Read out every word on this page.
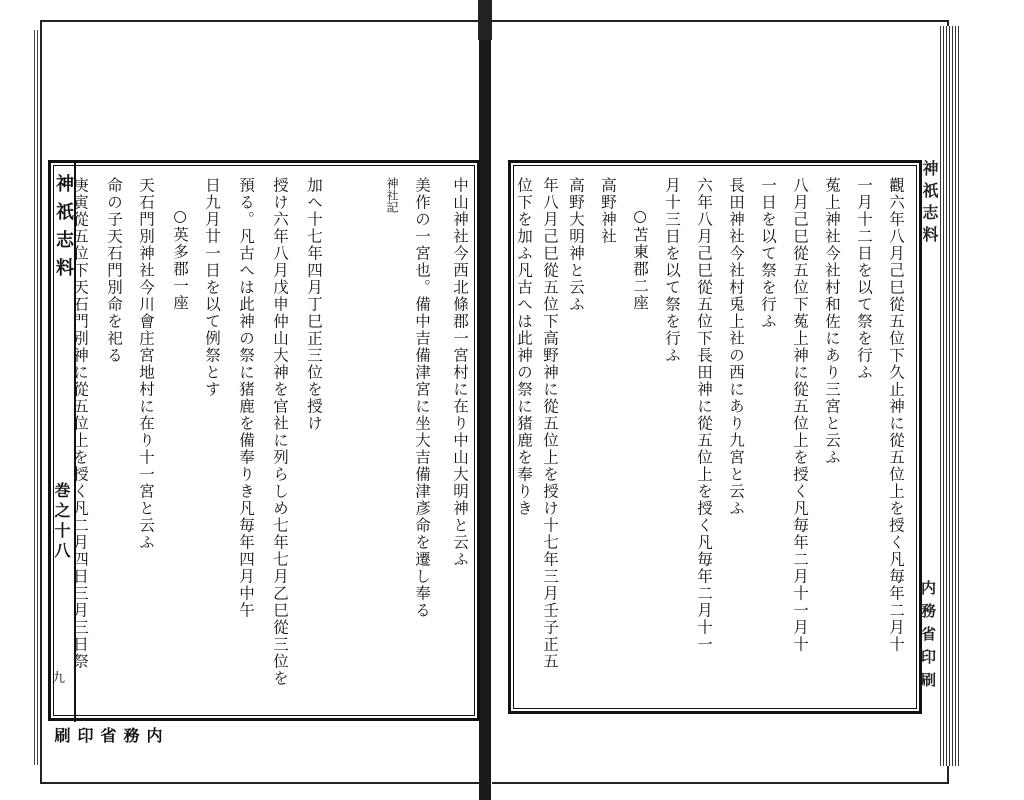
神祇志料
巻之十八
九
内務省印刷
中山神社今西北條郡一宮村に在り中山大明神と云ふ
美作の一宮也。備中吉備津宮に坐大吉備津彥命を遷し奉る
神社記
加へ十七年四月丁巳正三位を授け
授け六年八月戊申仲山大神を官社に列らしめ七年七月乙巳從三位を
預る。凡古へは此神の祭に猪鹿を備奉りき凡毎年四月中午
日九月廿一日を以て例祭とす
○英多郡一座
天石門別神社今川會庄宮地村に在り十一宮と云ふ
命の子天石門別命を祀る
庚寅從五位下天石門別神に從五位上を授く凡二月四日三月三日祭	觀六年八月己巳從五位下久止神に從五位上を授く凡毎年二月十
一月十二日を以て祭を行ふ
菟上神社今社村和佐にあり三宮と云ふ
八月己巳從五位下菟上神に從五位上を授く凡毎年二月十一月十
一日を以て祭を行ふ
長田神社今社村兎上社の西にあり九宮と云ふ
六年八月己巳從五位下長田神に從五位上を授く凡毎年二月十一
月十三日を以て祭を行ふ
○苫東郡二座
高野神社
高野大明神と云ふ
年八月己巳從五位下高野神に從五位上を授け十七年三月壬子正五
位下を加ふ凡古へは此神の祭に猪鹿を奉りき	神祇志料
内務省印刷
